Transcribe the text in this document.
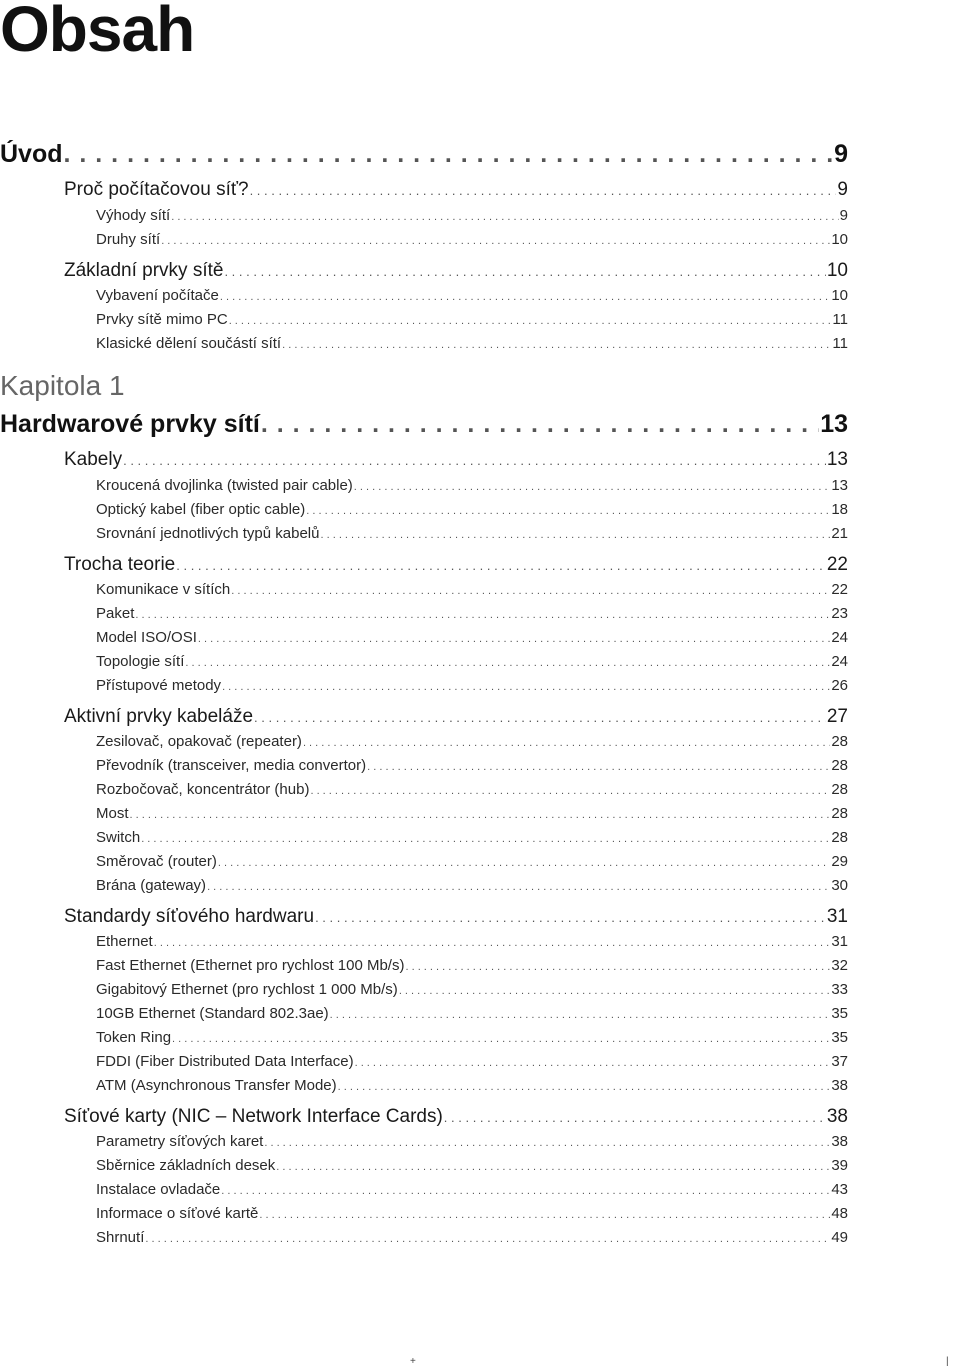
Obsah
Kapitola 1
Úvod . . .	9
Proč počítačovou síť? . . .	9
Výhody sítí . . .	9
Druhy sítí . . .	10
Základní prvky sítě . . .	10
Vybavení počítače . . .	10
Prvky sítě mimo PC . . .	11
Klasické dělení součástí sítí . . .	11
Hardwarové prvky sítí . . .	13
Kabely . . .	13
Kroucená dvojlinka (twisted pair cable) . . .	13
Optický kabel (fiber optic cable) . . .	18
Srovnání jednotlivých typů kabelů . . .	21
Trocha teorie . . .	22
Komunikace v sítích . . .	22
Paket . . .	23
Model ISO/OSI . . .	24
Topologie sítí . . .	24
Přístupové metody . . .	26
Aktivní prvky kabeláže . . .	27
Zesilovač, opakovač (repeater) . . .	28
Převodník (transceiver, media convertor) . . .	28
Rozbočovač, koncentrátor (hub) . . .	28
Most . . .	28
Switch . . .	28
Směrovač (router) . . .	29
Brána (gateway) . . .	30
Standardy síťového hardwaru . . .	31
Ethernet . . .	31
Fast Ethernet (Ethernet pro rychlost 100 Mb/s) . . .	32
Gigabitový Ethernet (pro rychlost 1 000 Mb/s) . . .	33
10GB Ethernet (Standard 802.3ae) . . .	35
Token Ring . . .	35
FDDI (Fiber Distributed Data Interface) . . .	37
ATM (Asynchronous Transfer Mode) . . .	38
Síťové karty (NIC – Network Interface Cards) . . .	38
Parametry síťových karet . . .	38
Sběrnice základních desek . . .	39
Instalace ovladače . . .	43
Informace o síťové kartě . . .	48
Shrnutí . . .	49
+	|
